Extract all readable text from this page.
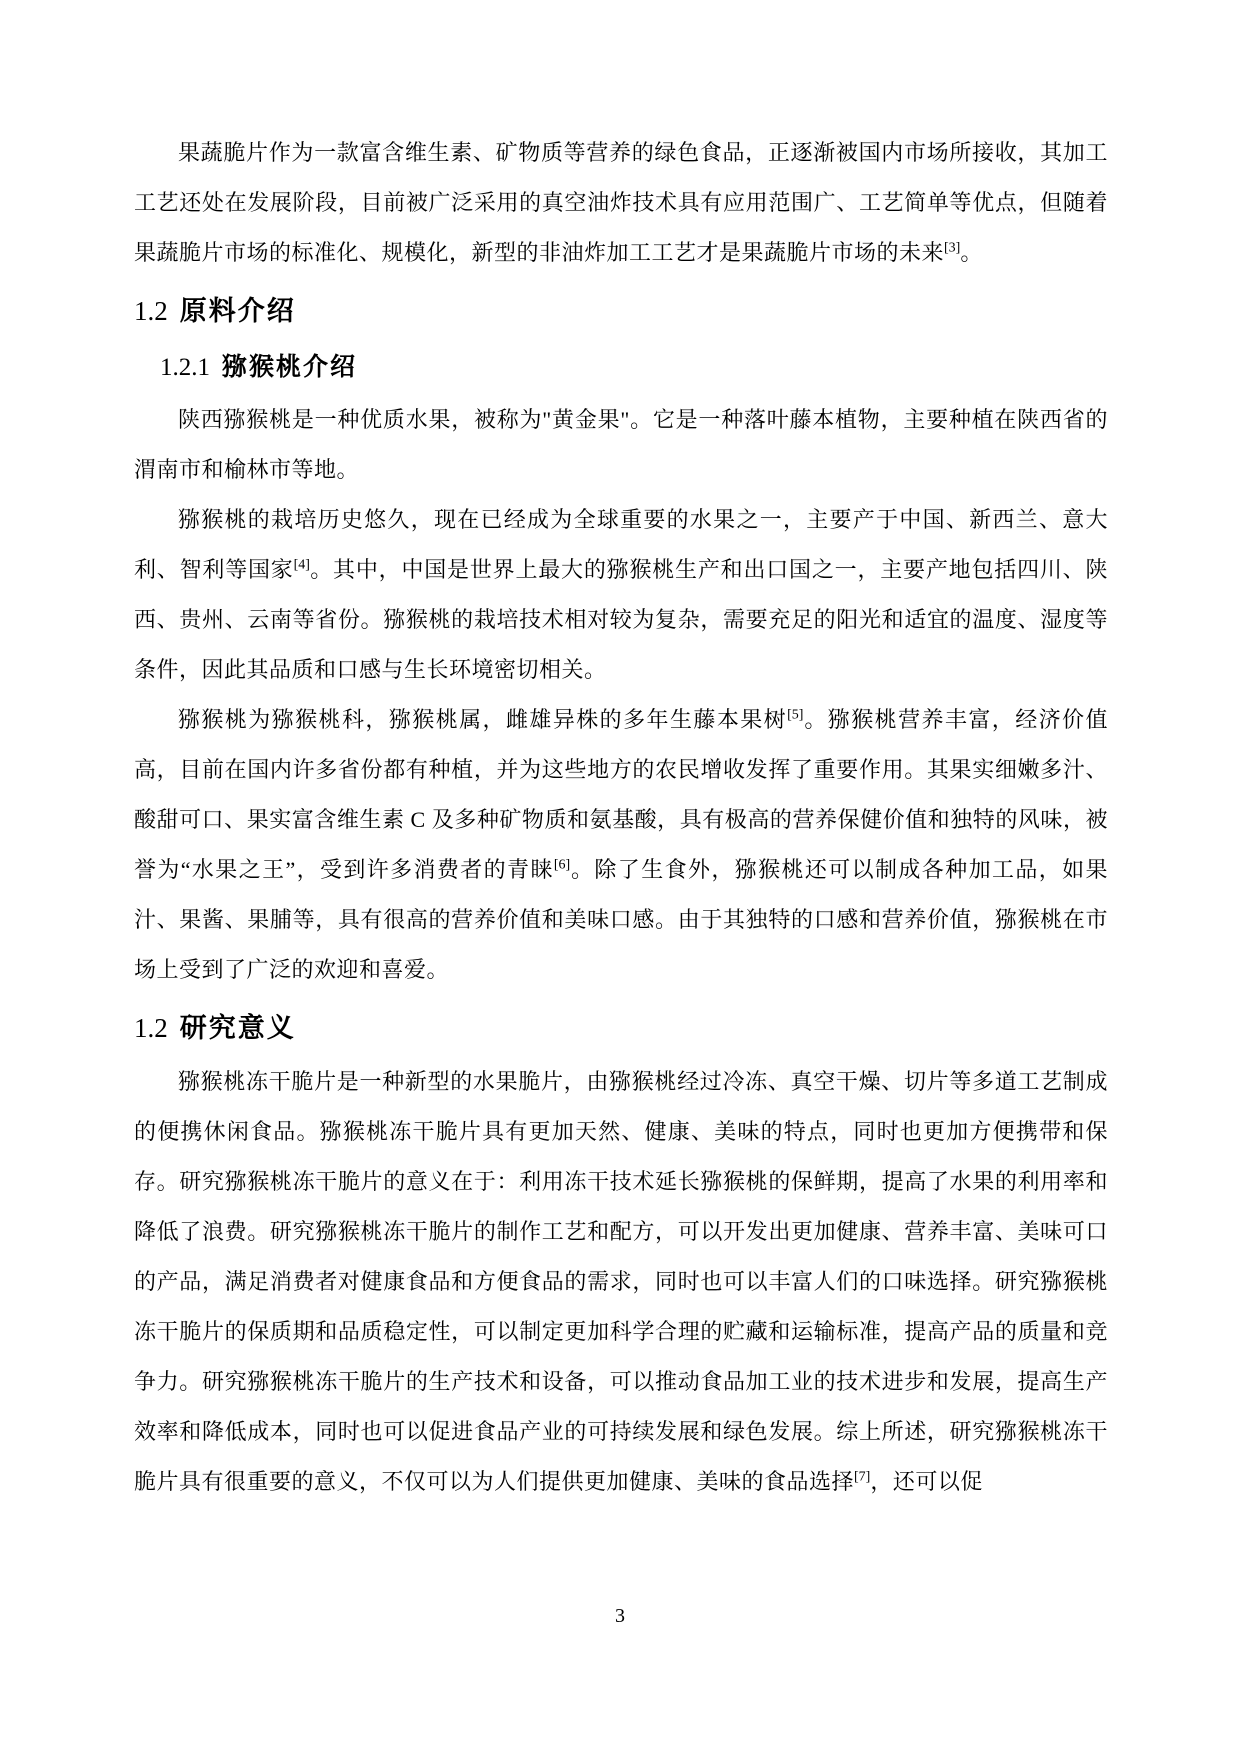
果蔬脆片作为一款富含维生素、矿物质等营养的绿色食品，正逐渐被国内市场所接收，其加工工艺还处在发展阶段，目前被广泛采用的真空油炸技术具有应用范围广、工艺简单等优点，但随着果蔬脆片市场的标准化、规模化，新型的非油炸加工工艺才是果蔬脆片市场的未来[3]。

1.2 原料介绍
1.2.1 猕猴桃介绍

陕西猕猴桃是一种优质水果，被称为"黄金果"。它是一种落叶藤本植物，主要种植在陕西省的渭南市和榆林市等地。

猕猴桃的栽培历史悠久，现在已经成为全球重要的水果之一，主要产于中国、新西兰、意大利、智利等国家[4]。其中，中国是世界上最大的猕猴桃生产和出口国之一，主要产地包括四川、陕西、贵州、云南等省份。猕猴桃的栽培技术相对较为复杂，需要充足的阳光和适宜的温度、湿度等条件，因此其品质和口感与生长环境密切相关。

猕猴桃为猕猴桃科，猕猴桃属，雌雄异株的多年生藤本果树[5]。猕猴桃营养丰富，经济价值高，目前在国内许多省份都有种植，并为这些地方的农民增收发挥了重要作用。其果实细嫩多汁、酸甜可口、果实富含维生素 C 及多种矿物质和氨基酸，具有极高的营养保健价值和独特的风味，被誉为“水果之王”，受到许多消费者的青睐[6]。除了生食外，猕猴桃还可以制成各种加工品，如果汁、果酱、果脯等，具有很高的营养价值和美味口感。由于其独特的口感和营养价值，猕猴桃在市场上受到了广泛的欢迎和喜爱。

1.2 研究意义

猕猴桃冻干脆片是一种新型的水果脆片，由猕猴桃经过冷冻、真空干燥、切片等多道工艺制成的便携休闲食品。猕猴桃冻干脆片具有更加天然、健康、美味的特点，同时也更加方便携带和保存。研究猕猴桃冻干脆片的意义在于：利用冻干技术延长猕猴桃的保鲜期，提高了水果的利用率和降低了浪费。研究猕猴桃冻干脆片的制作工艺和配方，可以开发出更加健康、营养丰富、美味可口的产品，满足消费者对健康食品和方便食品的需求，同时也可以丰富人们的口味选择。研究猕猴桃冻干脆片的保质期和品质稳定性，可以制定更加科学合理的贮藏和运输标准，提高产品的质量和竞争力。研究猕猴桃冻干脆片的生产技术和设备，可以推动食品加工业的技术进步和发展，提高生产效率和降低成本，同时也可以促进食品产业的可持续发展和绿色发展。综上所述，研究猕猴桃冻干脆片具有很重要的意义，不仅可以为人们提供更加健康、美味的食品选择[7]，还可以促

3
